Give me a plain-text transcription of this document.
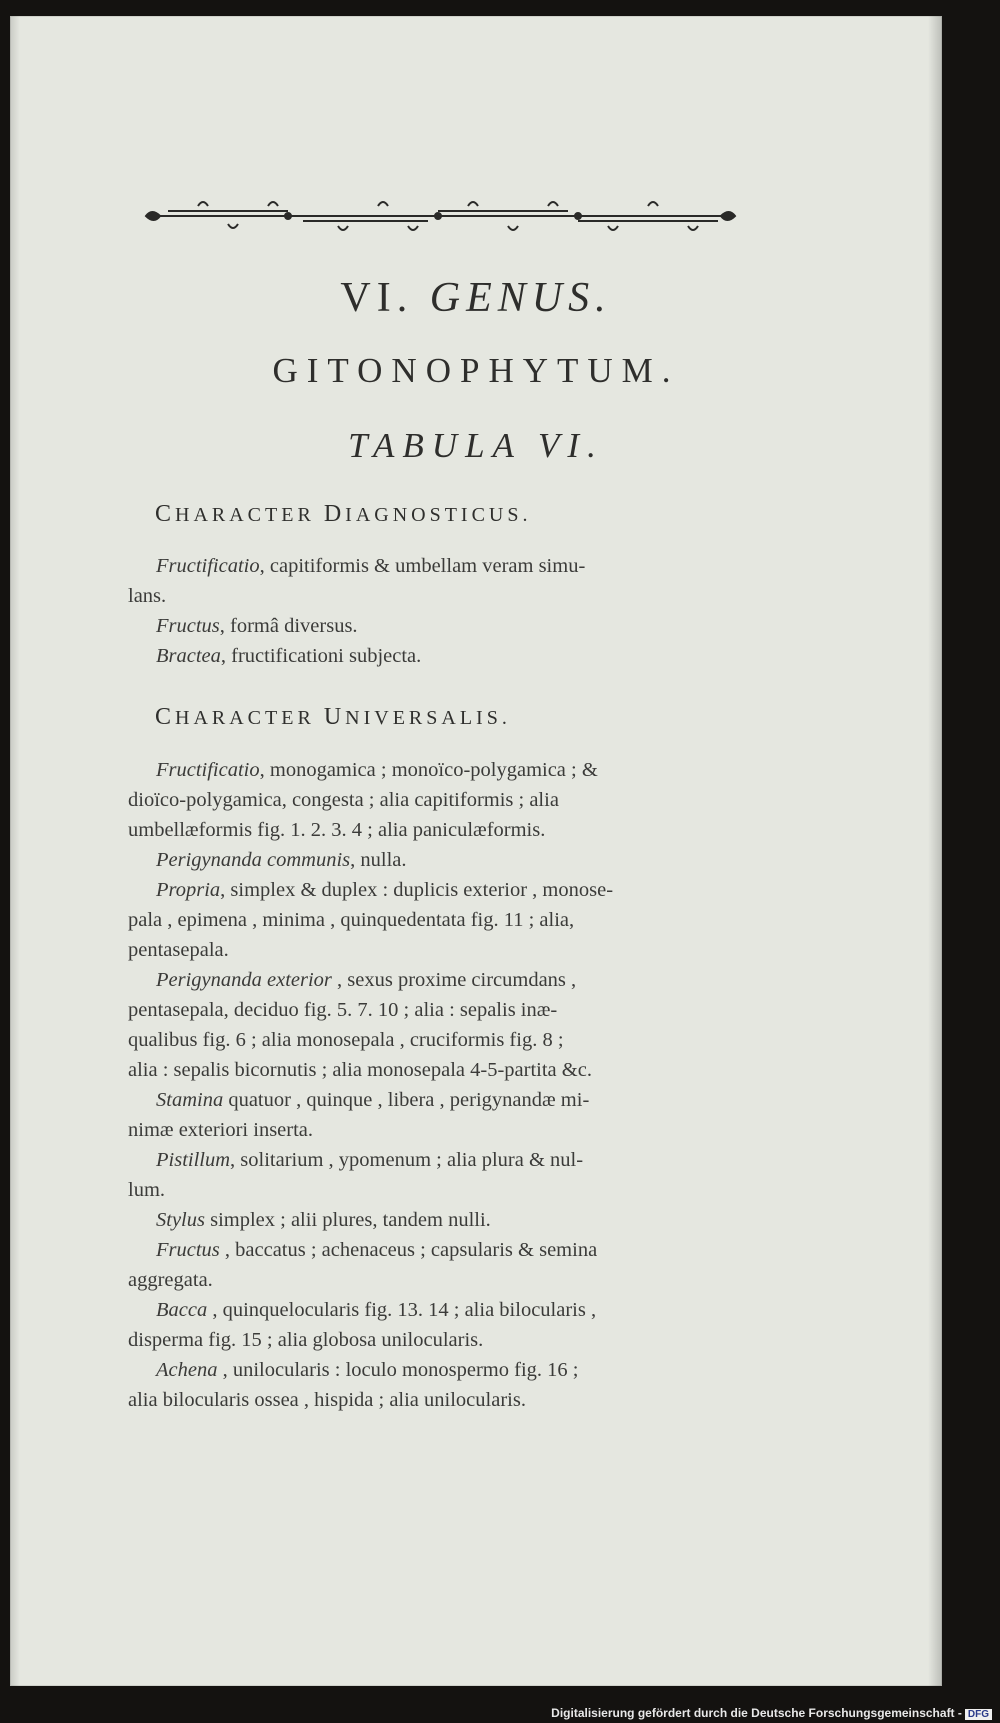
VI. GENUS.
GITONOPHYTUM.
TABULA VI.
CHARACTER DIAGNOSTICUS.
Fructificatio, capitiformis & umbellam veram simu-
lans.
Fructus, formâ diversus.
Bractea, fructificationi subjecta.
CHARACTER UNIVERSALIS.
Fructificatio, monogamica ; monoïco-polygamica ; &
dioïco-polygamica, congesta ; alia capitiformis ; alia
umbellæformis fig. 1. 2. 3. 4 ; alia paniculæformis.
Perigynanda communis, nulla.
Propria, simplex & duplex : duplicis exterior , monose-
pala , epimena , minima , quinquedentata fig. 11 ; alia,
pentasepala.
Perigynanda exterior , sexus proxime circumdans ,
pentasepala, deciduo fig. 5. 7. 10 ; alia : sepalis inæ-
qualibus fig. 6 ; alia monosepala , cruciformis fig. 8 ;
alia : sepalis bicornutis ; alia monosepala 4-5-partita &c.
Stamina quatuor , quinque , libera , perigynandæ mi-
nimæ exteriori inserta.
Pistillum, solitarium , ypomenum ; alia plura & nul-
lum.
Stylus simplex ; alii plures, tandem nulli.
Fructus , baccatus ; achenaceus ; capsularis & semina
aggregata.
Bacca , quinquelocularis fig. 13. 14 ; alia bilocularis ,
disperma fig. 15 ; alia globosa unilocularis.
Achena , unilocularis : loculo monospermo fig. 16 ;
alia bilocularis ossea , hispida ; alia unilocularis.
Digitalisierung gefördert durch die Deutsche Forschungsgemeinschaft - DFG
